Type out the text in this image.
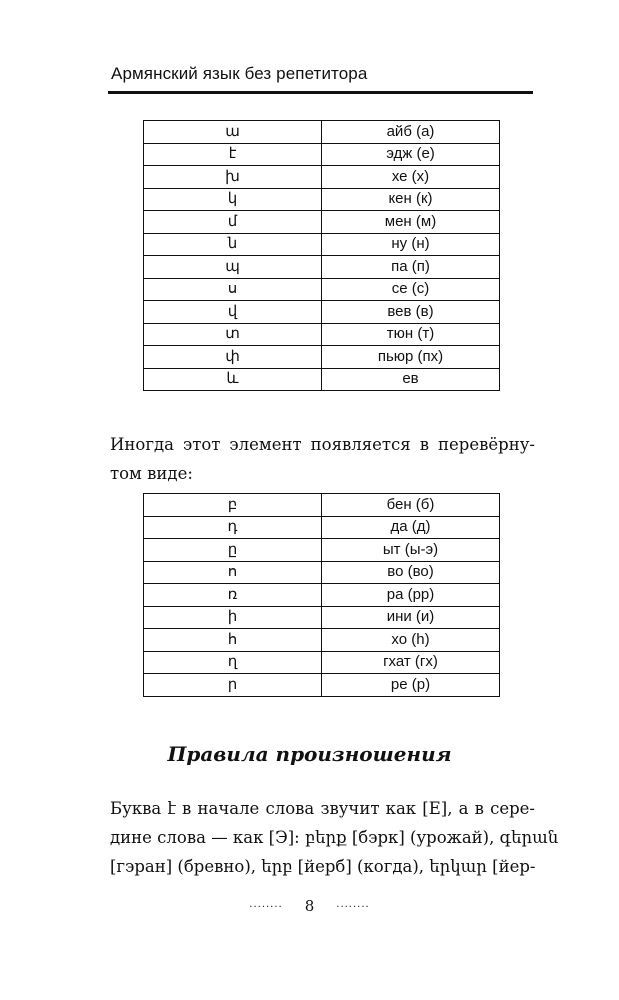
Армянский язык без репетитора
ա	айб (а)
է	эдж (е)
խ	хе (х)
կ	кен (к)
մ	мен (м)
ն	ну (н)
պ	па (п)
ս	се (с)
վ	вев (в)
տ	тюн (т)
փ	пьюр (пх)
և	ев
Иногда этот элемент появляется в перевёрну-
том виде:
բ	бен (б)
դ	да (д)
ը	ыт (ы-э)
ո	во (во)
ռ	ра (рр)
ի	ини (и)
հ	хо (h)
ղ	гхат (гх)
ր	ре (р)
Правила произношения
Буква է в начале слова звучит как [Е], а в сере-
дине слова — как [Э]: բերք [бэрк] (урожай), գերան
[гэран] (бревно), երբ [йерб] (когда), երկար [йер-
........ 8 ........
